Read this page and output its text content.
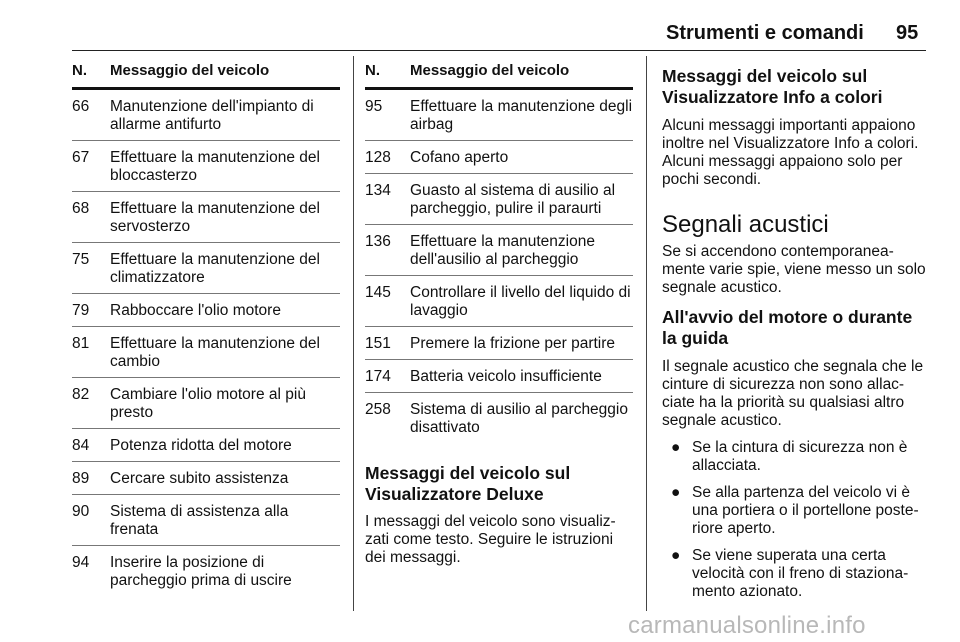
Strumenti e comandi 95
N.	Messaggio del veicolo
66	Manutenzione dell'impianto di allarme antifurto
67	Effettuare la manutenzione del bloccasterzo
68	Effettuare la manutenzione del servosterzo
75	Effettuare la manutenzione del climatizzatore
79	Rabboccare l'olio motore
81	Effettuare la manutenzione del cambio
82	Cambiare l'olio motore al più presto
84	Potenza ridotta del motore
89	Cercare subito assistenza
90	Sistema di assistenza alla frenata
94	Inserire la posizione di parcheggio prima di uscire
N.	Messaggio del veicolo
95	Effettuare la manutenzione degli airbag
128	Cofano aperto
134	Guasto al sistema di ausilio al parcheggio, pulire il paraurti
136	Effettuare la manutenzione dell'ausilio al parcheggio
145	Controllare il livello del liquido di lavaggio
151	Premere la frizione per partire
174	Batteria veicolo insufficiente
258	Sistema di ausilio al parcheggio disattivato
Messaggi del veicolo sul Visualizzatore Deluxe

I messaggi del veicolo sono visualiz-zati come testo. Seguire le istruzioni dei messaggi.

Messaggi del veicolo sul Visualizzatore Info a colori

Alcuni messaggi importanti appaiono inoltre nel Visualizzatore Info a colori. Alcuni messaggi appaiono solo per pochi secondi.

Segnali acustici

Se si accendono contemporanea-mente varie spie, viene messo un solo segnale acustico.

All'avvio del motore o durante la guida

Il segnale acustico che segnala che le cinture di sicurezza non sono allac-ciate ha la priorità su qualsiasi altro segnale acustico.

● Se la cintura di sicurezza non è allacciata.
● Se alla partenza del veicolo vi è una portiera o il portellone poste-riore aperto.
● Se viene superata una certa velocità con il freno di staziona-mento azionato.
carmanualsonline.info
